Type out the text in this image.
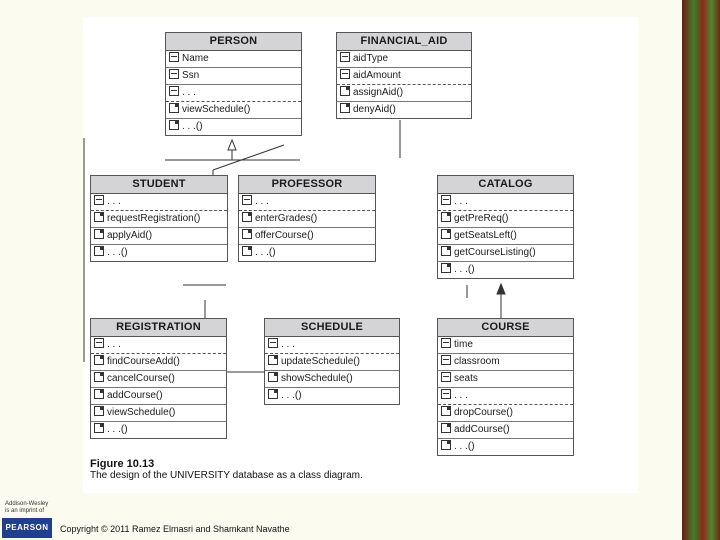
PERSON
Name
Ssn
. . .
viewSchedule()
. . .()
FINANCIAL_AID
aidType
aidAmount
assignAid()
denyAid()
STUDENT
. . .
requestRegistration()
applyAid()
. . .()
PROFESSOR
. . .
enterGrades()
offerCourse()
. . .()
CATALOG
. . .
getPreReq()
getSeatsLeft()
getCourseListing()
. . .()
REGISTRATION
. . .
findCourseAdd()
cancelCourse()
addCourse()
viewSchedule()
. . .()
SCHEDULE
. . .
updateSchedule()
showSchedule()
. . .()
COURSE
time
classroom
seats
. . .
dropCourse()
addCourse()
. . .()
Figure 10.13
The design of the UNIVERSITY database as a class diagram.
Addison-Wesley
is an imprint of
PEARSON	Copyright © 2011 Ramez Elmasri and Shamkant Navathe
